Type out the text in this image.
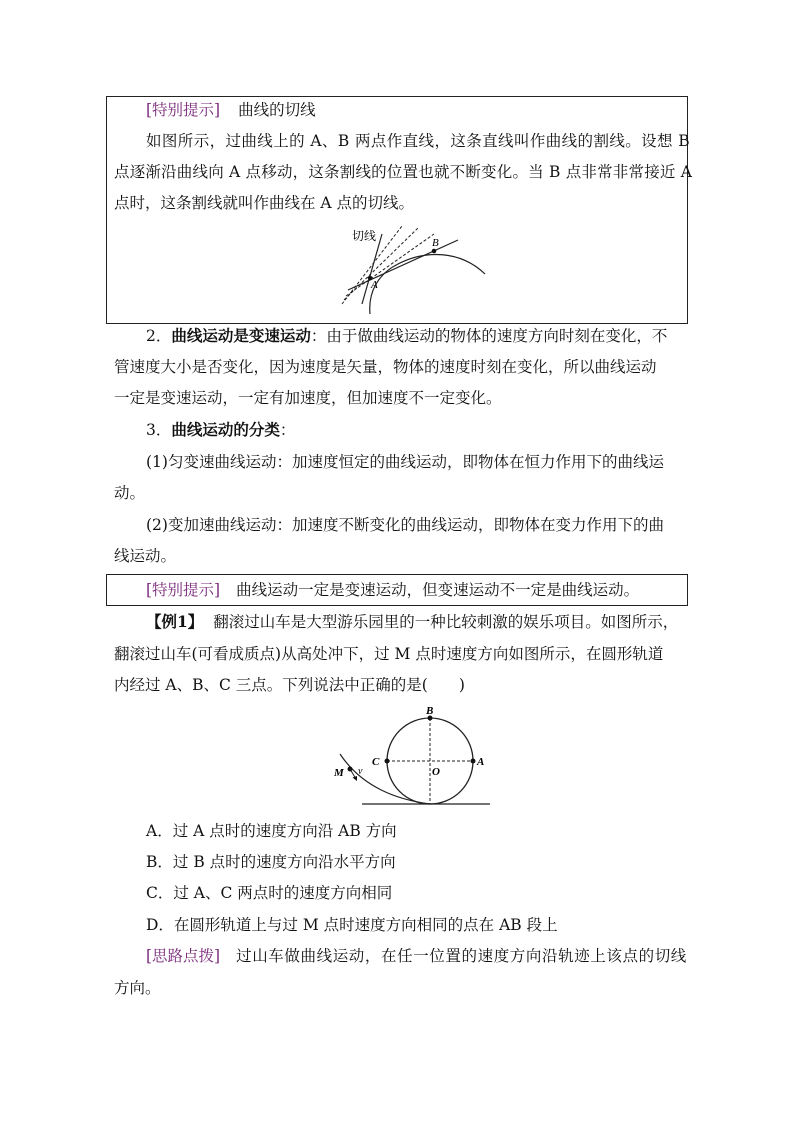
[特别提示] 曲线的切线
如图所示，过曲线上的 A、B 两点作直线，这条直线叫作曲线的割线。设想 B
点逐渐沿曲线向 A 点移动，这条割线的位置也就不断变化。当 B 点非常非常接近 A
点时，这条割线就叫作曲线在 A 点的切线。
切线
A
B
2．曲线运动是变速运动：由于做曲线运动的物体的速度方向时刻在变化，不
管速度大小是否变化，因为速度是矢量，物体的速度时刻在变化，所以曲线运动
一定是变速运动，一定有加速度，但加速度不一定变化。
3．曲线运动的分类：
(1)匀变速曲线运动：加速度恒定的曲线运动，即物体在恒力作用下的曲线运
动。
(2)变加速曲线运动：加速度不断变化的曲线运动，即物体在变力作用下的曲
线运动。
[特别提示] 曲线运动一定是变速运动，但变速运动不一定是曲线运动。
【例1】 翻滚过山车是大型游乐园里的一种比较刺激的娱乐项目。如图所示，
翻滚过山车(可看成质点)从高处冲下，过 M 点时速度方向如图所示，在圆形轨道
内经过 A、B、C 三点。下列说法中正确的是(　　)
B
C
O
A
M v
A．过 A 点时的速度方向沿 AB 方向
B．过 B 点时的速度方向沿水平方向
C．过 A、C 两点时的速度方向相同
D．在圆形轨道上与过 M 点时速度方向相同的点在 AB 段上
[思路点拨] 过山车做曲线运动，在任一位置的速度方向沿轨迹上该点的切线
方向。
